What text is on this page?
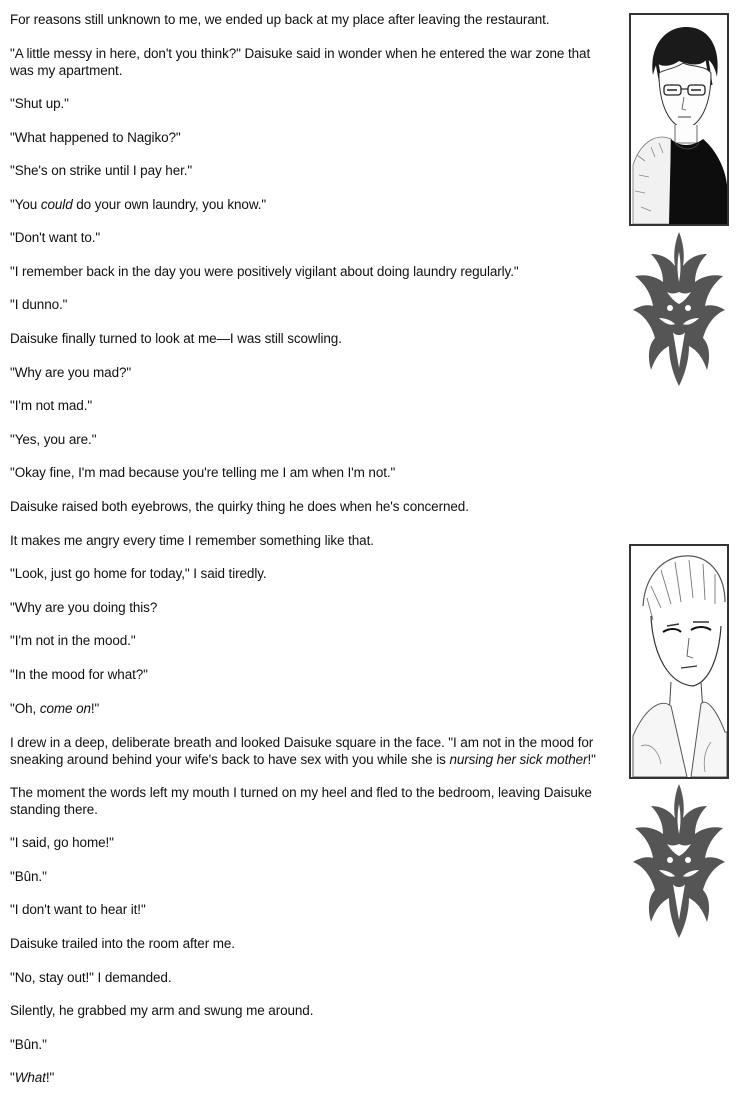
For reasons still unknown to me, we ended up back at my place after leaving the restaurant.

"A little messy in here, don't you think?" Daisuke said in wonder when he entered the war zone that was my apartment.

"Shut up."

"What happened to Nagiko?"

"She's on strike until I pay her."

"You could do your own laundry, you know."

"Don't want to."

"I remember back in the day you were positively vigilant about doing laundry regularly."

"I dunno."

Daisuke finally turned to look at me—I was still scowling.

"Why are you mad?"

"I'm not mad."

"Yes, you are."

"Okay fine, I'm mad because you're telling me I am when I'm not."

Daisuke raised both eyebrows, the quirky thing he does when he's concerned.

It makes me angry every time I remember something like that.

"Look, just go home for today," I said tiredly.

"Why are you doing this?

"I'm not in the mood."

"In the mood for what?"

"Oh, come on!"

I drew in a deep, deliberate breath and looked Daisuke square in the face. "I am not in the mood for sneaking around behind your wife's back to have sex with you while she is nursing her sick mother!"

The moment the words left my mouth I turned on my heel and fled to the bedroom, leaving Daisuke standing there.

"I said, go home!"

"Bûn."

"I don't want to hear it!"

Daisuke trailed into the room after me.

"No, stay out!" I demanded.

Silently, he grabbed my arm and swung me around.

"Bûn."

"What!"
